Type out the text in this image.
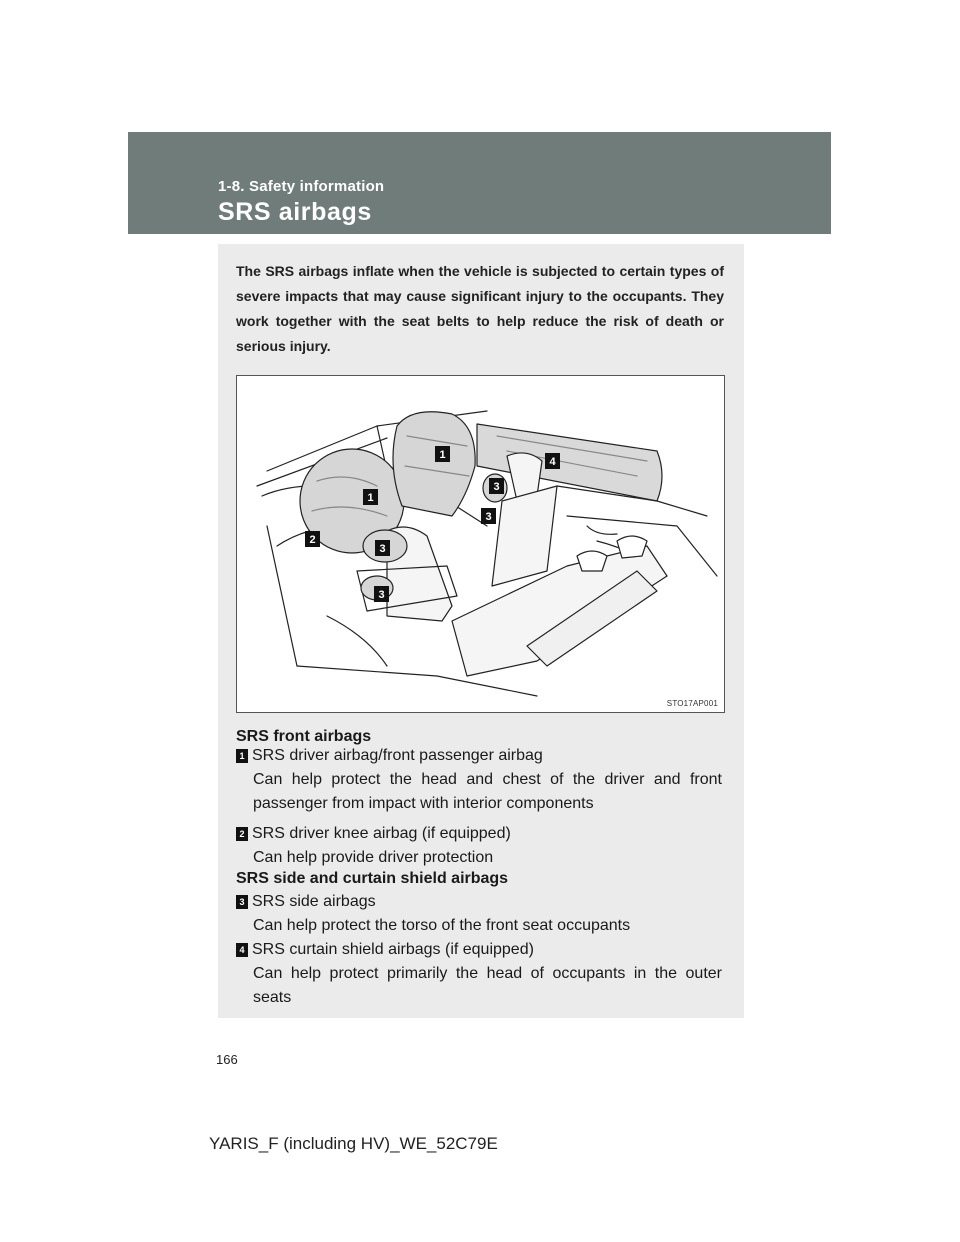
1-8. Safety information
SRS airbags
The SRS airbags inflate when the vehicle is subjected to certain types of severe impacts that may cause significant injury to the occupants. They work together with the seat belts to help reduce the risk of death or serious injury.
1
1
2
3
3
3
3
4
STO17AP001
SRS front airbags
1 SRS driver airbag/front passenger airbag
Can help protect the head and chest of the driver and front passenger from impact with interior components
2 SRS driver knee airbag (if equipped)
Can help provide driver protection
SRS side and curtain shield airbags
3 SRS side airbags
Can help protect the torso of the front seat occupants
4 SRS curtain shield airbags (if equipped)
Can help protect primarily the head of occupants in the outer seats
166
YARIS_F (including HV)_WE_52C79E
